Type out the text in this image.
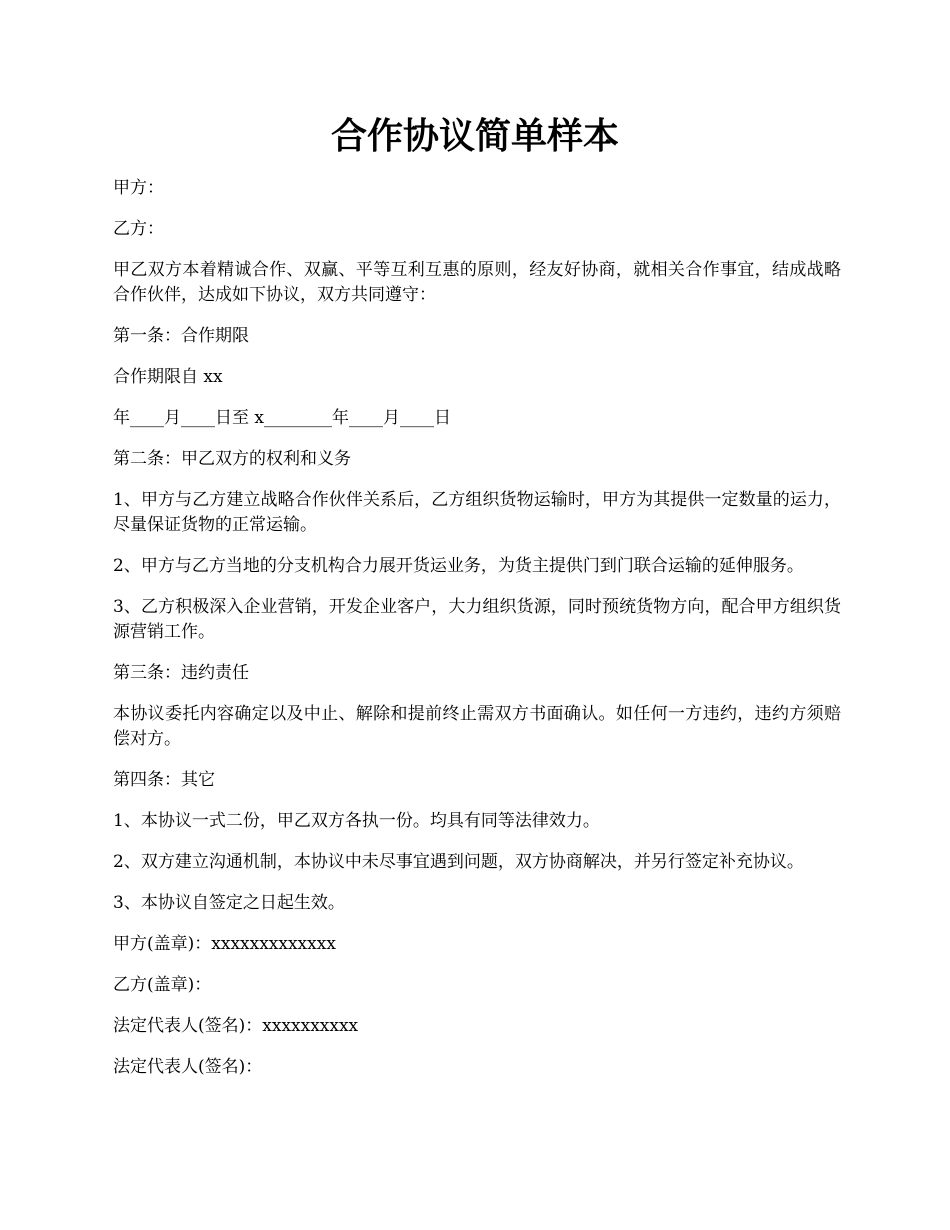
合作协议简单样本

甲方：

乙方：

甲乙双方本着精诚合作、双赢、平等互利互惠的原则，经友好协商，就相关合作事宜，结成战略合作伙伴，达成如下协议，双方共同遵守：

第一条：合作期限

合作期限自 xx

年____月____日至 x________年____月____日

第二条：甲乙双方的权利和义务

1、甲方与乙方建立战略合作伙伴关系后，乙方组织货物运输时，甲方为其提供一定数量的运力，尽量保证货物的正常运输。

2、甲方与乙方当地的分支机构合力展开货运业务，为货主提供门到门联合运输的延伸服务。

3、乙方积极深入企业营销，开发企业客户，大力组织货源，同时预统货物方向，配合甲方组织货源营销工作。

第三条：违约责任

本协议委托内容确定以及中止、解除和提前终止需双方书面确认。如任何一方违约，违约方须赔偿对方。

第四条：其它

1、本协议一式二份，甲乙双方各执一份。均具有同等法律效力。

2、双方建立沟通机制，本协议中未尽事宜遇到问题，双方协商解决，并另行签定补充协议。

3、本协议自签定之日起生效。

甲方(盖章)：xxxxxxxxxxxxx

乙方(盖章)：

法定代表人(签名)：xxxxxxxxxx

法定代表人(签名)：
